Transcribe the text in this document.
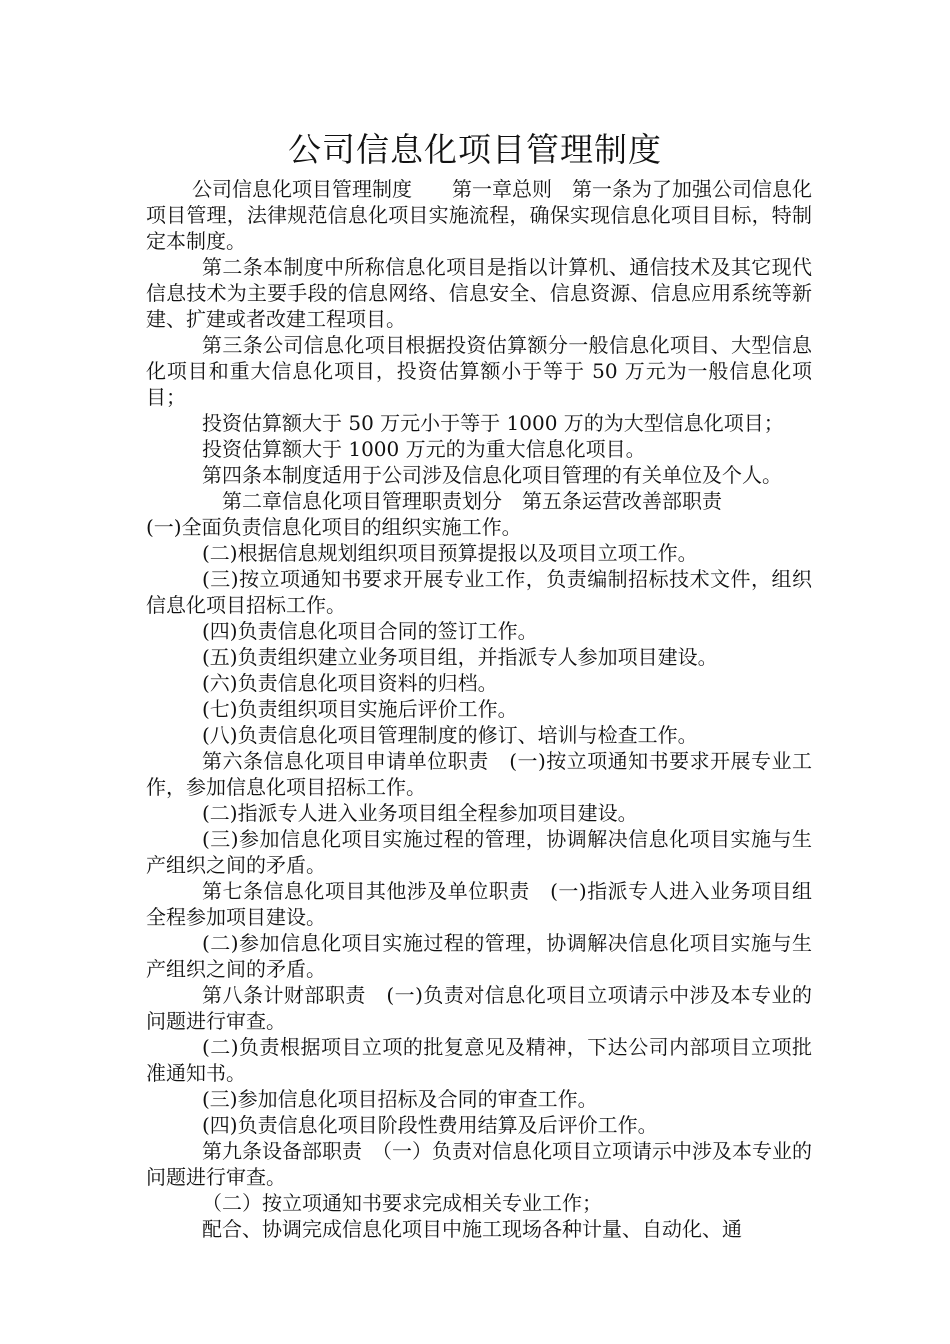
公司信息化项目管理制度

公司信息化项目管理制度　　第一章总则　第一条为了加强公司信息化项目管理，法律规范信息化项目实施流程，确保实现信息化项目目标，特制定本制度。

第二条本制度中所称信息化项目是指以计算机、通信技术及其它现代信息技术为主要手段的信息网络、信息安全、信息资源、信息应用系统等新建、扩建或者改建工程项目。

第三条公司信息化项目根据投资估算额分一般信息化项目、大型信息化项目和重大信息化项目，投资估算额小于等于 50 万元为一般信息化项目；

投资估算额大于 50 万元小于等于 1000 万的为大型信息化项目；

投资估算额大于 1000 万元的为重大信息化项目。

第四条本制度适用于公司涉及信息化项目管理的有关单位及个人。

　第二章信息化项目管理职责划分　第五条运营改善部职责

(一)全面负责信息化项目的组织实施工作。

(二)根据信息规划组织项目预算提报以及项目立项工作。

(三)按立项通知书要求开展专业工作，负责编制招标技术文件，组织信息化项目招标工作。

(四)负责信息化项目合同的签订工作。

(五)负责组织建立业务项目组，并指派专人参加项目建设。

(六)负责信息化项目资料的归档。

(七)负责组织项目实施后评价工作。

(八)负责信息化项目管理制度的修订、培训与检查工作。

第六条信息化项目申请单位职责　(一)按立项通知书要求开展专业工作，参加信息化项目招标工作。

(二)指派专人进入业务项目组全程参加项目建设。

(三)参加信息化项目实施过程的管理，协调解决信息化项目实施与生产组织之间的矛盾。

第七条信息化项目其他涉及单位职责　(一)指派专人进入业务项目组全程参加项目建设。

(二)参加信息化项目实施过程的管理，协调解决信息化项目实施与生产组织之间的矛盾。

第八条计财部职责　(一)负责对信息化项目立项请示中涉及本专业的问题进行审查。

(二)负责根据项目立项的批复意见及精神，下达公司内部项目立项批准通知书。

(三)参加信息化项目招标及合同的审查工作。

(四)负责信息化项目阶段性费用结算及后评价工作。

第九条设备部职责　（一）负责对信息化项目立项请示中涉及本专业的问题进行审查。

（二）按立项通知书要求完成相关专业工作；

配合、协调完成信息化项目中施工现场各种计量、自动化、通
